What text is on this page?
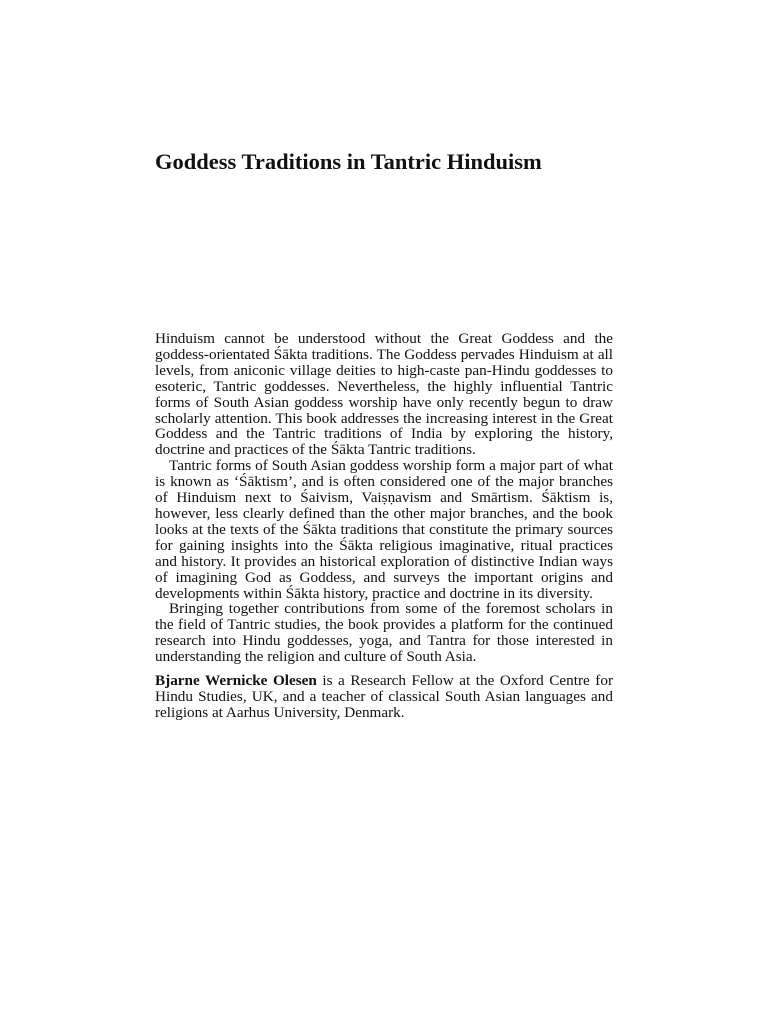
Goddess Traditions in Tantric Hinduism

Hinduism cannot be understood without the Great Goddess and the goddess-orientated Śākta traditions. The Goddess pervades Hinduism at all levels, from aniconic village deities to high-caste pan-Hindu goddesses to esoteric, Tantric goddesses. Nevertheless, the highly influential Tantric forms of South Asian goddess worship have only recently begun to draw scholarly attention. This book addresses the increasing interest in the Great Goddess and the Tantric traditions of India by exploring the history, doctrine and practices of the Śākta Tantric traditions.

Tantric forms of South Asian goddess worship form a major part of what is known as ‘Śāktism’, and is often considered one of the major branches of Hinduism next to Śaivism, Vaiṣṇavism and Smārtism. Śāktism is, however, less clearly defined than the other major branches, and the book looks at the texts of the Śākta traditions that constitute the primary sources for gaining insights into the Śākta religious imaginative, ritual practices and history. It provides an historical exploration of distinctive Indian ways of imagining God as Goddess, and surveys the important origins and developments within Śākta history, practice and doctrine in its diversity.

Bringing together contributions from some of the foremost scholars in the field of Tantric studies, the book provides a platform for the continued research into Hindu goddesses, yoga, and Tantra for those interested in understanding the religion and culture of South Asia.

Bjarne Wernicke Olesen is a Research Fellow at the Oxford Centre for Hindu Studies, UK, and a teacher of classical South Asian languages and religions at Aarhus University, Denmark.
